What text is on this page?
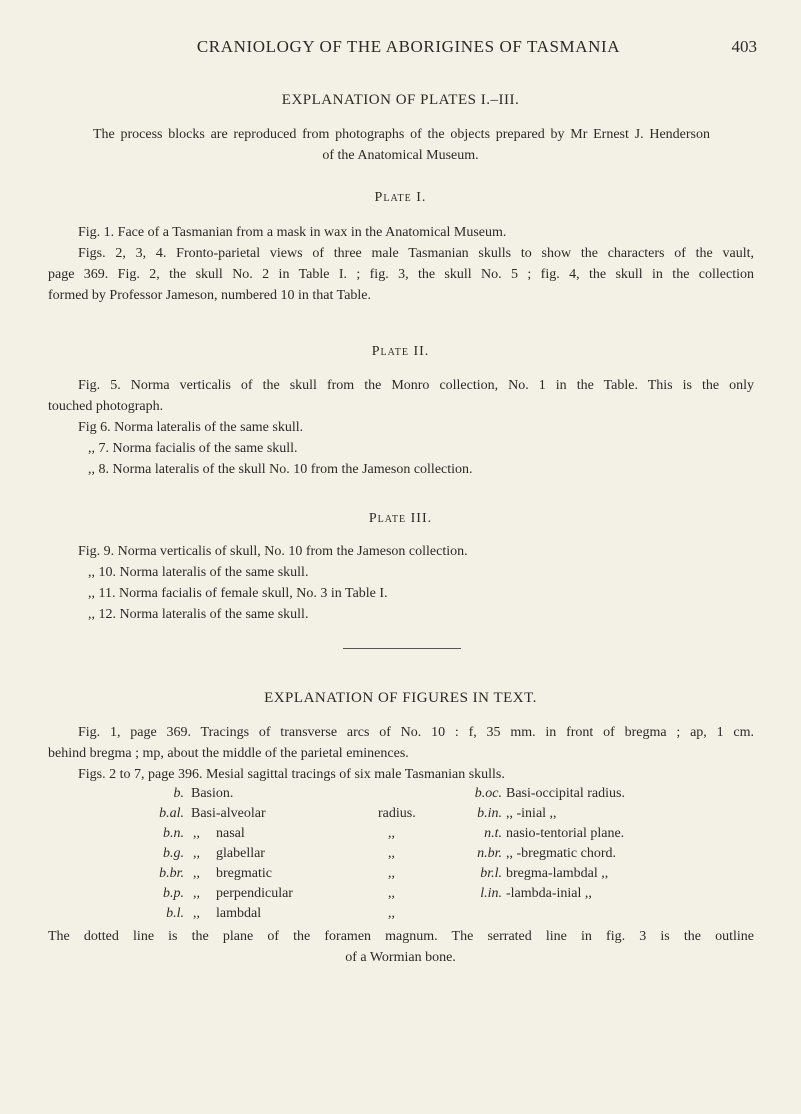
CRANIOLOGY OF THE ABORIGINES OF TASMANIA	403
EXPLANATION OF PLATES I.–III.
The process blocks are reproduced from photographs of the objects prepared by Mr Ernest J. Henderson
of the Anatomical Museum.
Plate I.
Fig. 1. Face of a Tasmanian from a mask in wax in the Anatomical Museum.
Figs. 2, 3, 4. Fronto-parietal views of three male Tasmanian skulls to show the characters of the vault,
page 369. Fig. 2, the skull No. 2 in Table I. ; fig. 3, the skull No. 5 ; fig. 4, the skull in the collection
formed by Professor Jameson, numbered 10 in that Table.
Plate II.
Fig. 5. Norma verticalis of the skull from the Monro collection, No. 1 in the Table. This is the only
touched photograph.
Fig 6. Norma lateralis of the same skull.
,, 7. Norma facialis of the same skull.
,, 8. Norma lateralis of the skull No. 10 from the Jameson collection.
Plate III.
Fig. 9. Norma verticalis of skull, No. 10 from the Jameson collection.
,, 10. Norma lateralis of the same skull.
,, 11. Norma facialis of female skull, No. 3 in Table I.
,, 12. Norma lateralis of the same skull.
EXPLANATION OF FIGURES IN TEXT.
Fig. 1, page 369. Tracings of transverse arcs of No. 10 : f, 35 mm. in front of bregma ; ap, 1 cm.
behind bregma ; mp, about the middle of the parietal eminences.
Figs. 2 to 7, page 396. Mesial sagittal tracings of six male Tasmanian skulls.
b. Basion.	b.oc. Basi-occipital radius.
b.al. Basi-alveolar	radius.	b.in. ,, -inial ,,
b.n. ,, nasal	,,	n.t. nasio-tentorial plane.
b.g. ,, glabellar	,,	n.br. ,, -bregmatic chord.
b.br. ,, bregmatic	,,	br.l. bregma-lambdal ,,
b.p. ,, perpendicular	,,	l.in. -lambda-inial ,,
b.l. ,, lambdal	,,
The dotted line is the plane of the foramen magnum. The serrated line in fig. 3 is the outline
of a Wormian bone.
